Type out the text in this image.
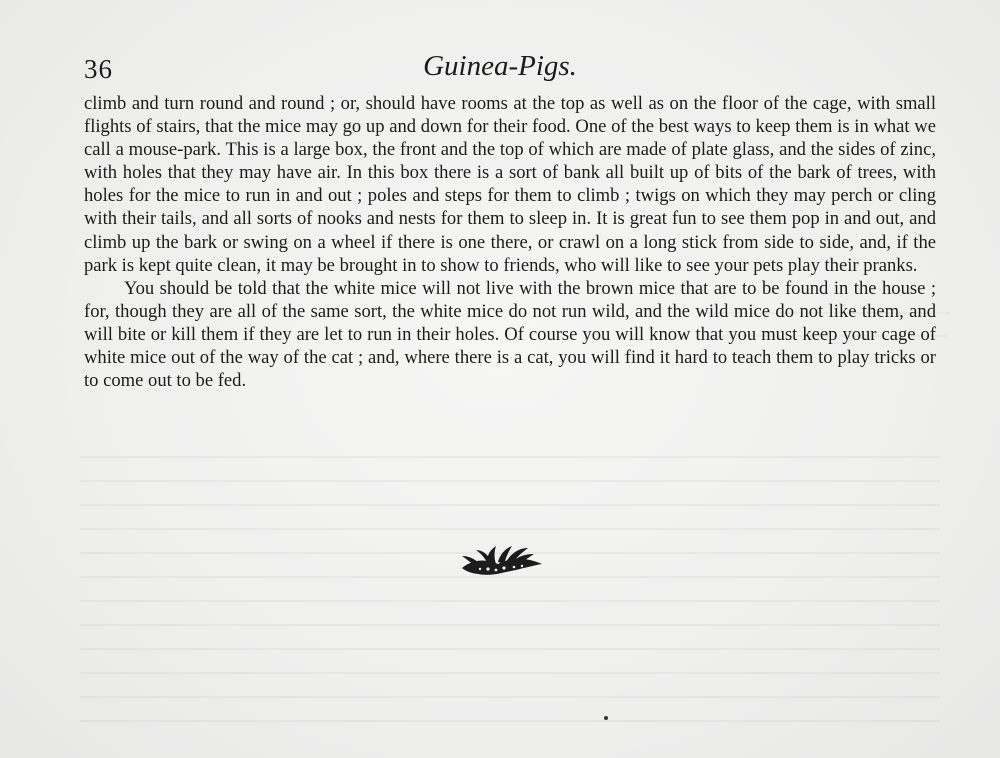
36	Guinea-Pigs.

climb and turn round and round ; or, should have rooms at the top as well as on the floor of the cage, with small flights of stairs, that the mice may go up and down for their food. One of the best ways to keep them is in what we call a mouse-park. This is a large box, the front and the top of which are made of plate glass, and the sides of zinc, with holes that they may have air. In this box there is a sort of bank all built up of bits of the bark of trees, with holes for the mice to run in and out ; poles and steps for them to climb ; twigs on which they may perch or cling with their tails, and all sorts of nooks and nests for them to sleep in. It is great fun to see them pop in and out, and climb up the bark or swing on a wheel if there is one there, or crawl on a long stick from side to side, and, if the park is kept quite clean, it may be brought in to show to friends, who will like to see your pets play their pranks.

You should be told that the white mice will not live with the brown mice that are to be found in the house ; for, though they are all of the same sort, the white mice do not run wild, and the wild mice do not like them, and will bite or kill them if they are let to run in their holes. Of course you will know that you must keep your cage of white mice out of the way of the cat ; and, where there is a cat, you will find it hard to teach them to play tricks or to come out to be fed.
